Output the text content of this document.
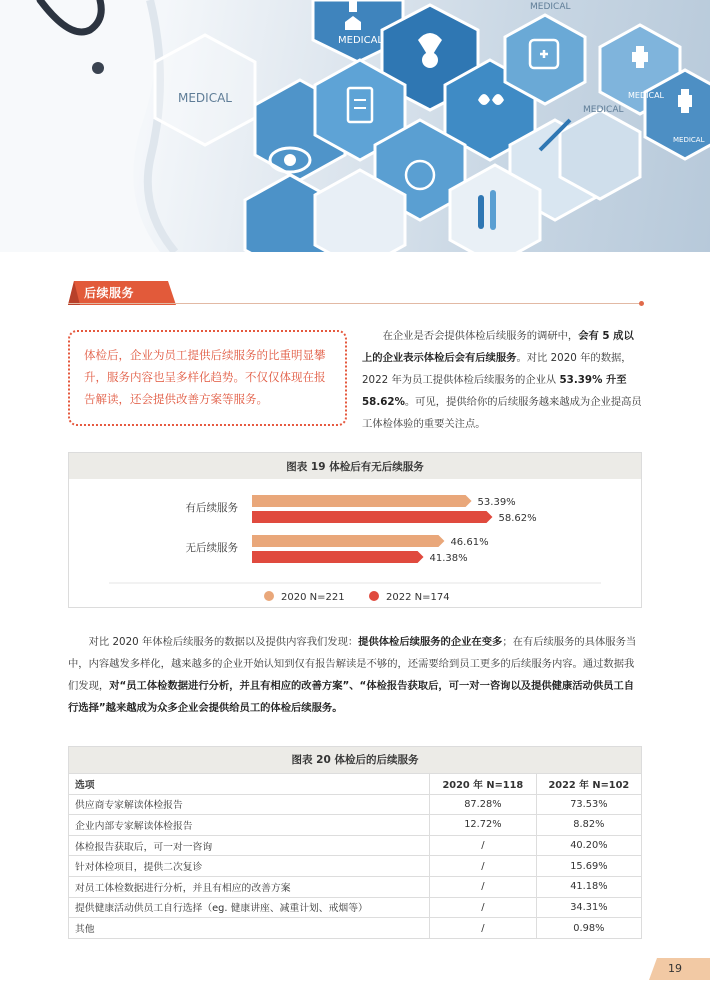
MEDICAL
MEDICAL
MEDICAL
MEDICAL
MEDICAL
MEDICAL
后续服务
体检后，企业为员工提供后续服务的比重明显攀升，服务内容也呈多样化趋势。不仅仅体现在报告解读，还会提供改善方案等服务。
在企业是否会提供体检后续服务的调研中，会有 5 成以上的企业表示体检后会有后续服务。对比 2020 年的数据，2022 年为员工提供体检后续服务的企业从 53.39% 升至 58.62%。可见，提供给你的后续服务越来越成为企业提高员工体检体验的重要关注点。
图表 19 体检后有无后续服务
有后续服务
无后续服务
53.39%
58.62%
46.61%
41.38%
2020 N=221	2022 N=174
对比 2020 年体检后续服务的数据以及提供内容我们发现：提供体检后续服务的企业在变多；在有后续服务的具体服务当中，内容越发多样化，越来越多的企业开始认知到仅有报告解读是不够的，还需要给到员工更多的后续服务内容。通过数据我们发现，对“员工体检数据进行分析，并且有相应的改善方案”、“体检报告获取后，可一对一咨询以及提供健康活动供员工自行选择”越来越成为众多企业会提供给员工的体检后续服务。
图表 20 体检后的后续服务
选项	2020 年 N=118	2022 年 N=102
供应商专家解读体检报告	87.28%	73.53%
企业内部专家解读体检报告	12.72%	8.82%
体检报告获取后，可一对一咨询	/	40.20%
针对体检项目，提供二次复诊	/	15.69%
对员工体检数据进行分析，并且有相应的改善方案	/	41.18%
提供健康活动供员工自行选择（eg. 健康讲座、减重计划、戒烟等）	/	34.31%
其他	/	0.98%
19
